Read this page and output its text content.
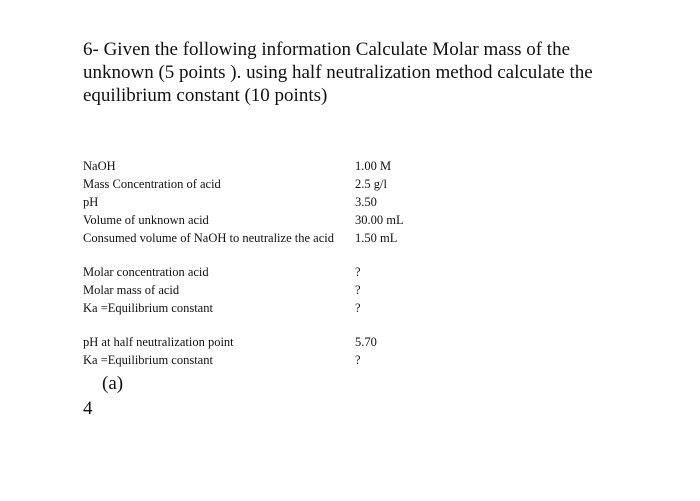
6- Given the following information Calculate Molar mass of the unknown (5 points ). using half neutralization method calculate the equilibrium constant (10 points)
NaOH	1.00 M
Mass Concentration of acid	2.5 g/l
pH	3.50
Volume of unknown acid	30.00 mL
Consumed volume of NaOH to neutralize the acid	1.50 mL
Molar concentration acid	?
Molar mass of acid	?
Ka =Equilibrium constant	?

pH at half neutralization point	5.70
Ka =Equilibrium constant	?
(a)
4
